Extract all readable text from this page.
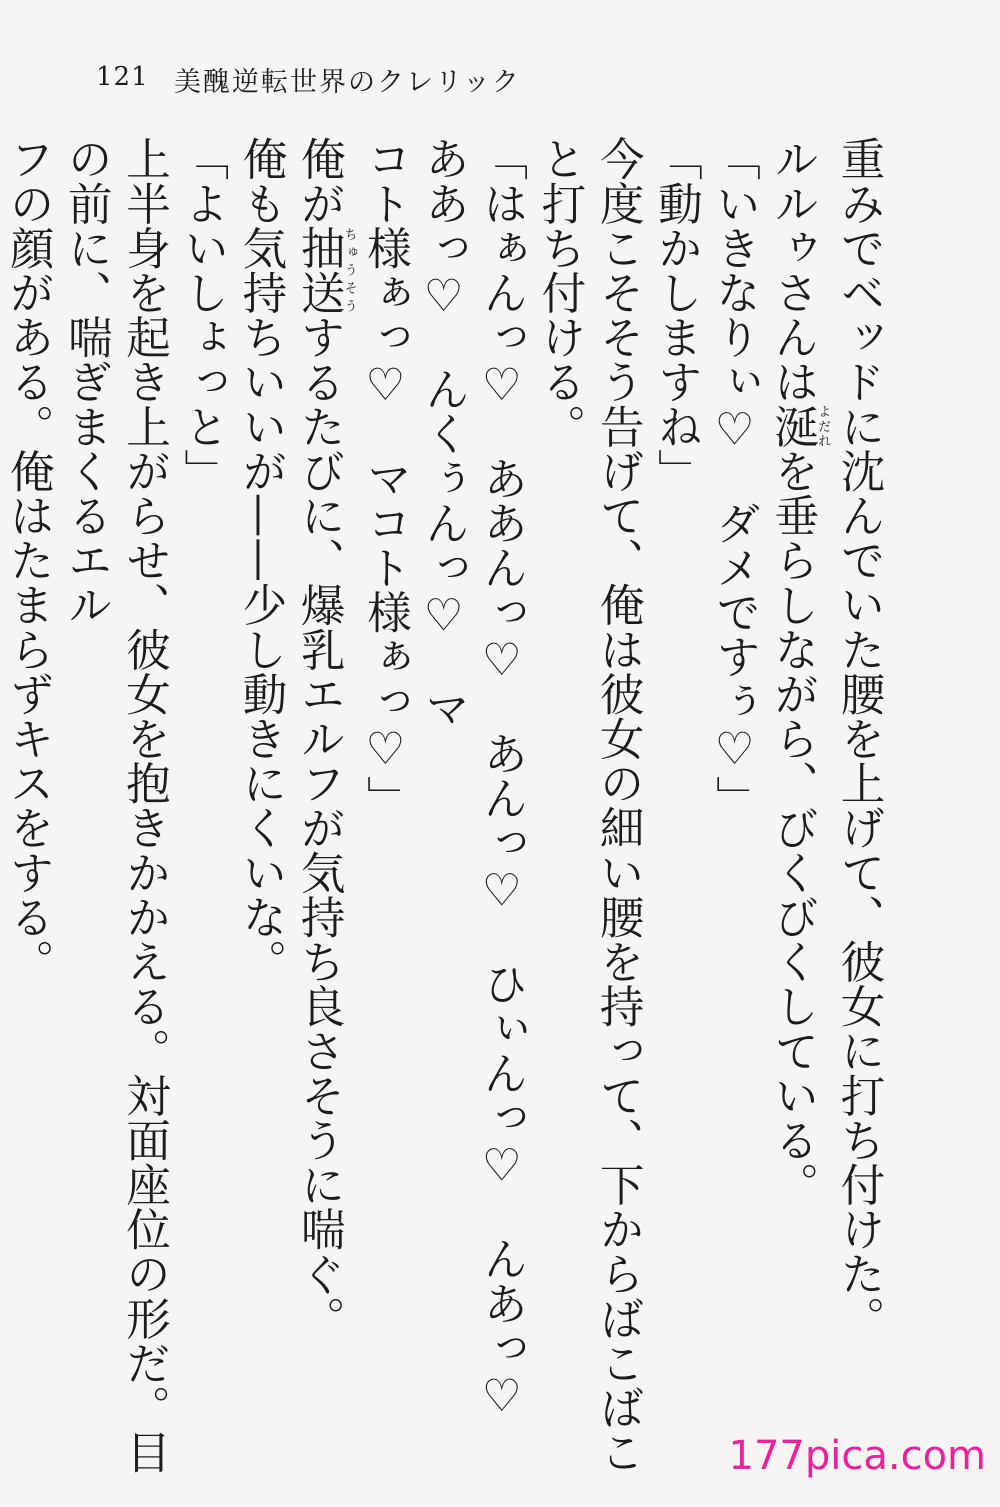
121 美醜逆転世界のクレリック

重みでベッドに沈んでいた腰を上げて、彼女に打ち付けた。

ルルゥさんは涎よだれを垂らしながら、びくびくしている。

「いきなりぃ♡　ダメですぅ♡」

「動かしますね」

今度こそそう告げて、俺は彼女の細い腰を持って、下からばこばこと打ち付ける。

「はぁんっ♡　ああんっ♡　あんっ♡　ひぃんっ♡　んあっ♡　ああっ♡　んくぅんっ♡　マ

コト様ぁっ♡　マコト様ぁっ♡」

俺が抽送ちゅうそうするたびに、爆乳エルフが気持ち良さそうに喘ぐ。

俺も気持ちいいが——少し動きにくいな。

「よいしょっと」

上半身を起き上がらせ、彼女を抱きかかえる。対面座位の形だ。目の前に、喘ぎまくるエル

フの顔がある。俺はたまらずキスをする。

177pica.com
